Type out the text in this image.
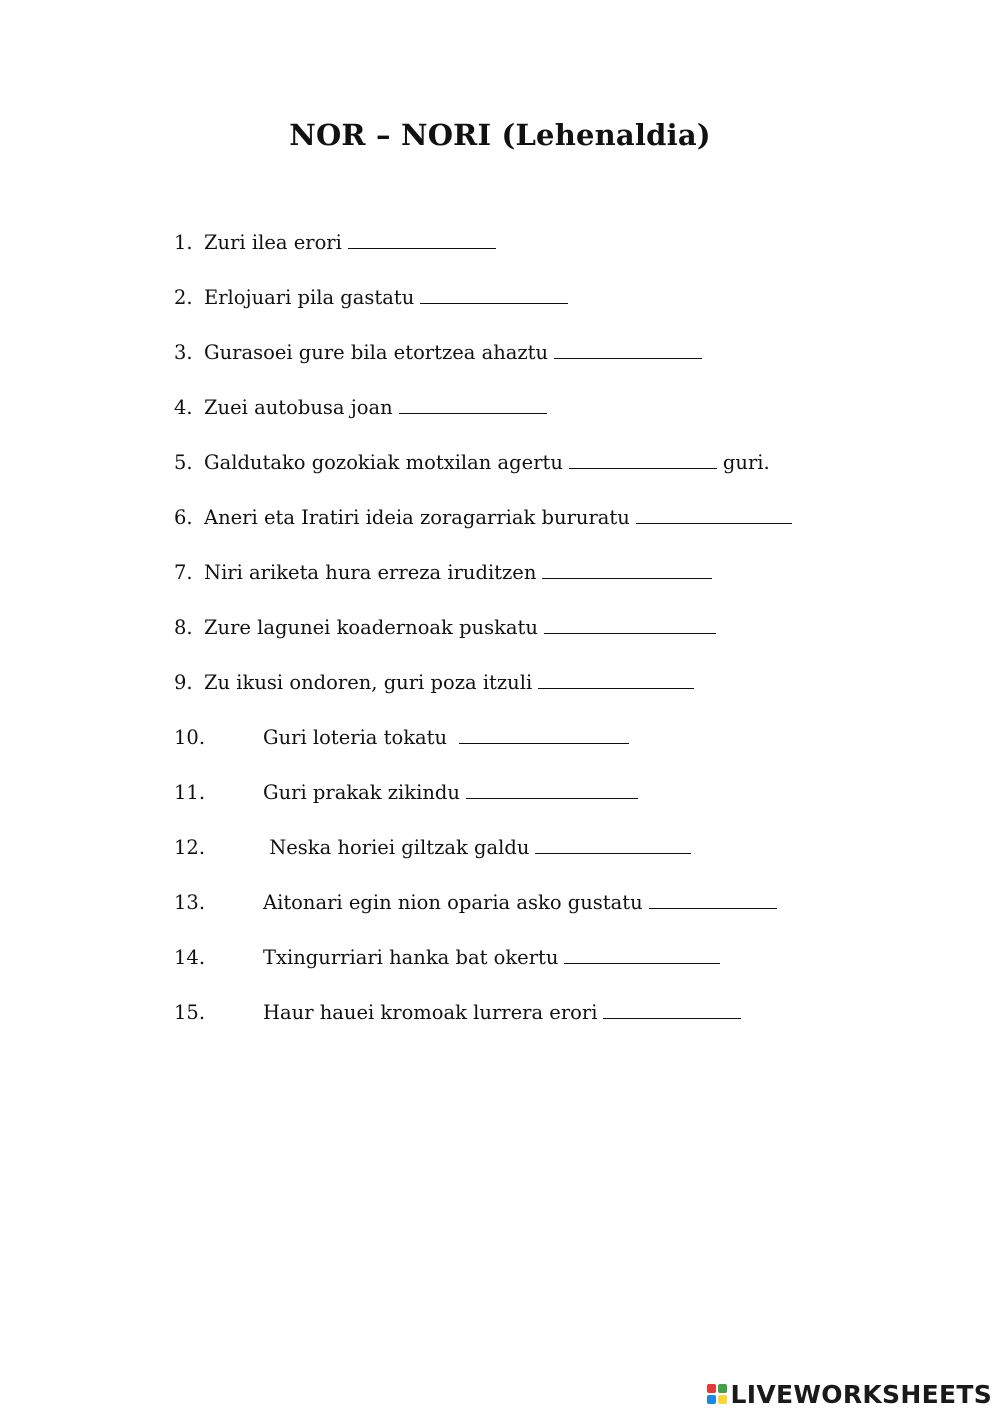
NOR – NORI (Lehenaldia)
1. Zuri ilea erori
2. Erlojuari pila gastatu
3. Gurasoei gure bila etortzea ahaztu
4. Zuei autobusa joan
5. Galdutako gozokiak motxilan agertu	guri.
6. Aneri eta Iratiri ideia zoragarriak bururatu
7. Niri ariketa hura erreza iruditzen
8. Zure lagunei koadernoak puskatu
9. Zu ikusi ondoren, guri poza itzuli
10.	Guri loteria tokatu
11.	Guri prakak zikindu
12.	Neska horiei giltzak galdu
13.	Aitonari egin nion oparia asko gustatu
14.	Txingurriari hanka bat okertu
15.	Haur hauei kromoak lurrera erori
LIVEWORKSHEETS
